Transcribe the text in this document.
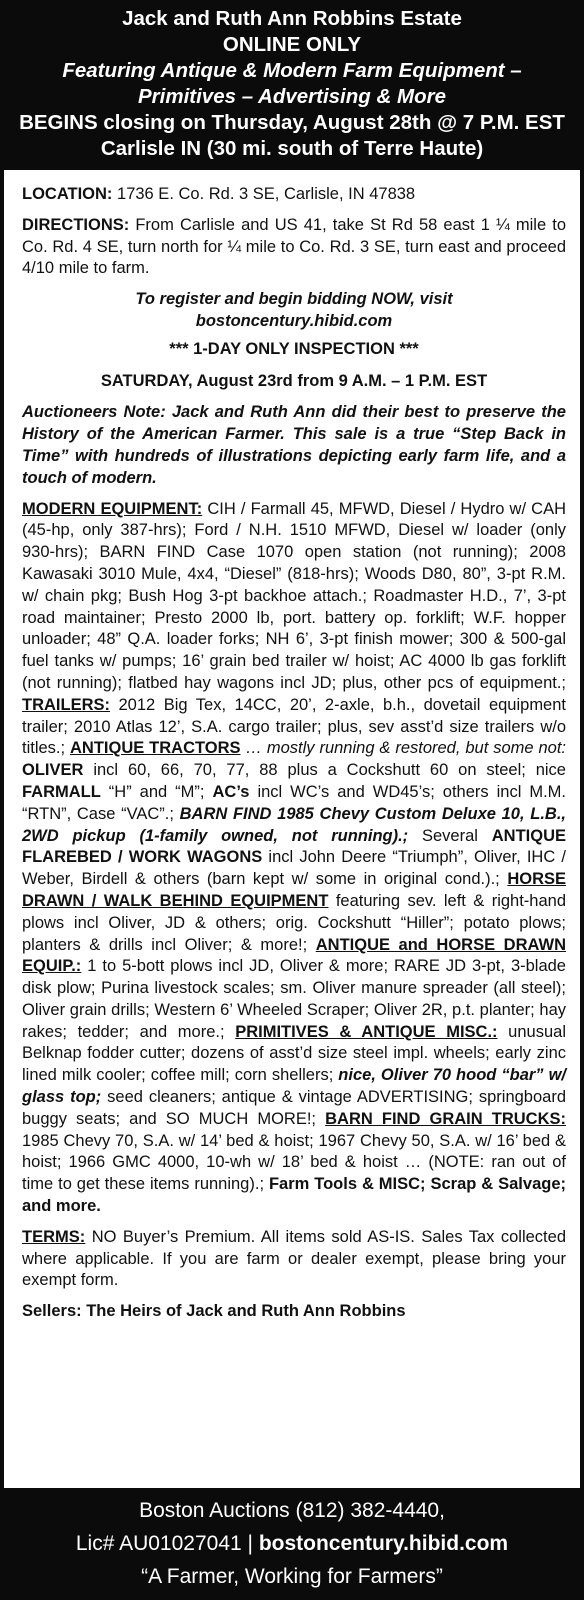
Jack and Ruth Ann Robbins Estate
ONLINE ONLY
Featuring Antique & Modern Farm Equipment –
Primitives – Advertising & More
BEGINS closing on Thursday, August 28th @ 7 P.M. EST
Carlisle IN (30 mi. south of Terre Haute)

LOCATION: 1736 E. Co. Rd. 3 SE, Carlisle, IN 47838

DIRECTIONS: From Carlisle and US 41, take St Rd 58 east 1 ¼ mile to Co. Rd. 4 SE, turn north for ¼ mile to Co. Rd. 3 SE, turn east and proceed 4/10 mile to farm.

To register and begin bidding NOW, visit
bostoncentury.hibid.com

*** 1-DAY ONLY INSPECTION ***

SATURDAY, August 23rd from 9 A.M. – 1 P.M. EST

Auctioneers Note: Jack and Ruth Ann did their best to preserve the History of the American Farmer. This sale is a true “Step Back in Time” with hundreds of illustrations depicting early farm life, and a touch of modern.

MODERN EQUIPMENT: CIH / Farmall 45, MFWD, Diesel / Hydro w/ CAH (45-hp, only 387-hrs); Ford / N.H. 1510 MFWD, Diesel w/ loader (only 930-hrs); BARN FIND Case 1070 open station (not running); 2008 Kawasaki 3010 Mule, 4x4, “Diesel” (818-hrs); Woods D80, 80”, 3-pt R.M. w/ chain pkg; Bush Hog 3-pt backhoe attach.; Roadmaster H.D., 7’, 3-pt road maintainer; Presto 2000 lb, port. battery op. forklift; W.F. hopper unloader; 48” Q.A. loader forks; NH 6’, 3-pt finish mower; 300 & 500-gal fuel tanks w/ pumps; 16’ grain bed trailer w/ hoist; AC 4000 lb gas forklift (not running); flatbed hay wagons incl JD; plus, other pcs of equipment.; TRAILERS: 2012 Big Tex, 14CC, 20’, 2-axle, b.h., dovetail equipment trailer; 2010 Atlas 12’, S.A. cargo trailer; plus, sev asst’d size trailers w/o titles.; ANTIQUE TRACTORS … mostly running & restored, but some not: OLIVER incl 60, 66, 70, 77, 88 plus a Cockshutt 60 on steel; nice FARMALL “H” and “M”; AC’s incl WC’s and WD45’s; others incl M.M. “RTN”, Case “VAC”.; BARN FIND 1985 Chevy Custom Deluxe 10, L.B., 2WD pickup (1-family owned, not running).; Several ANTIQUE FLAREBED / WORK WAGONS incl John Deere “Triumph”, Oliver, IHC / Weber, Birdell & others (barn kept w/ some in original cond.).; HORSE DRAWN / WALK BEHIND EQUIPMENT featuring sev. left & right-hand plows incl Oliver, JD & others; orig. Cockshutt “Hiller”; potato plows; planters & drills incl Oliver; & more!; ANTIQUE and HORSE DRAWN EQUIP.: 1 to 5-bott plows incl JD, Oliver & more; RARE JD 3-pt, 3-blade disk plow; Purina livestock scales; sm. Oliver manure spreader (all steel); Oliver grain drills; Western 6’ Wheeled Scraper; Oliver 2R, p.t. planter; hay rakes; tedder; and more.; PRIMITIVES & ANTIQUE MISC.: unusual Belknap fodder cutter; dozens of asst’d size steel impl. wheels; early zinc lined milk cooler; coffee mill; corn shellers; nice, Oliver 70 hood “bar” w/ glass top; seed cleaners; antique & vintage ADVERTISING; springboard buggy seats; and SO MUCH MORE!; BARN FIND GRAIN TRUCKS: 1985 Chevy 70, S.A. w/ 14’ bed & hoist; 1967 Chevy 50, S.A. w/ 16’ bed & hoist; 1966 GMC 4000, 10-wh w/ 18’ bed & hoist … (NOTE: ran out of time to get these items running).; Farm Tools & MISC; Scrap & Salvage; and more.

TERMS: NO Buyer’s Premium. All items sold AS-IS. Sales Tax collected where applicable. If you are farm or dealer exempt, please bring your exempt form.

Sellers: The Heirs of Jack and Ruth Ann Robbins

Boston Auctions (812) 382-4440,
Lic# AU01027041 | bostoncentury.hibid.com
“A Farmer, Working for Farmers”
